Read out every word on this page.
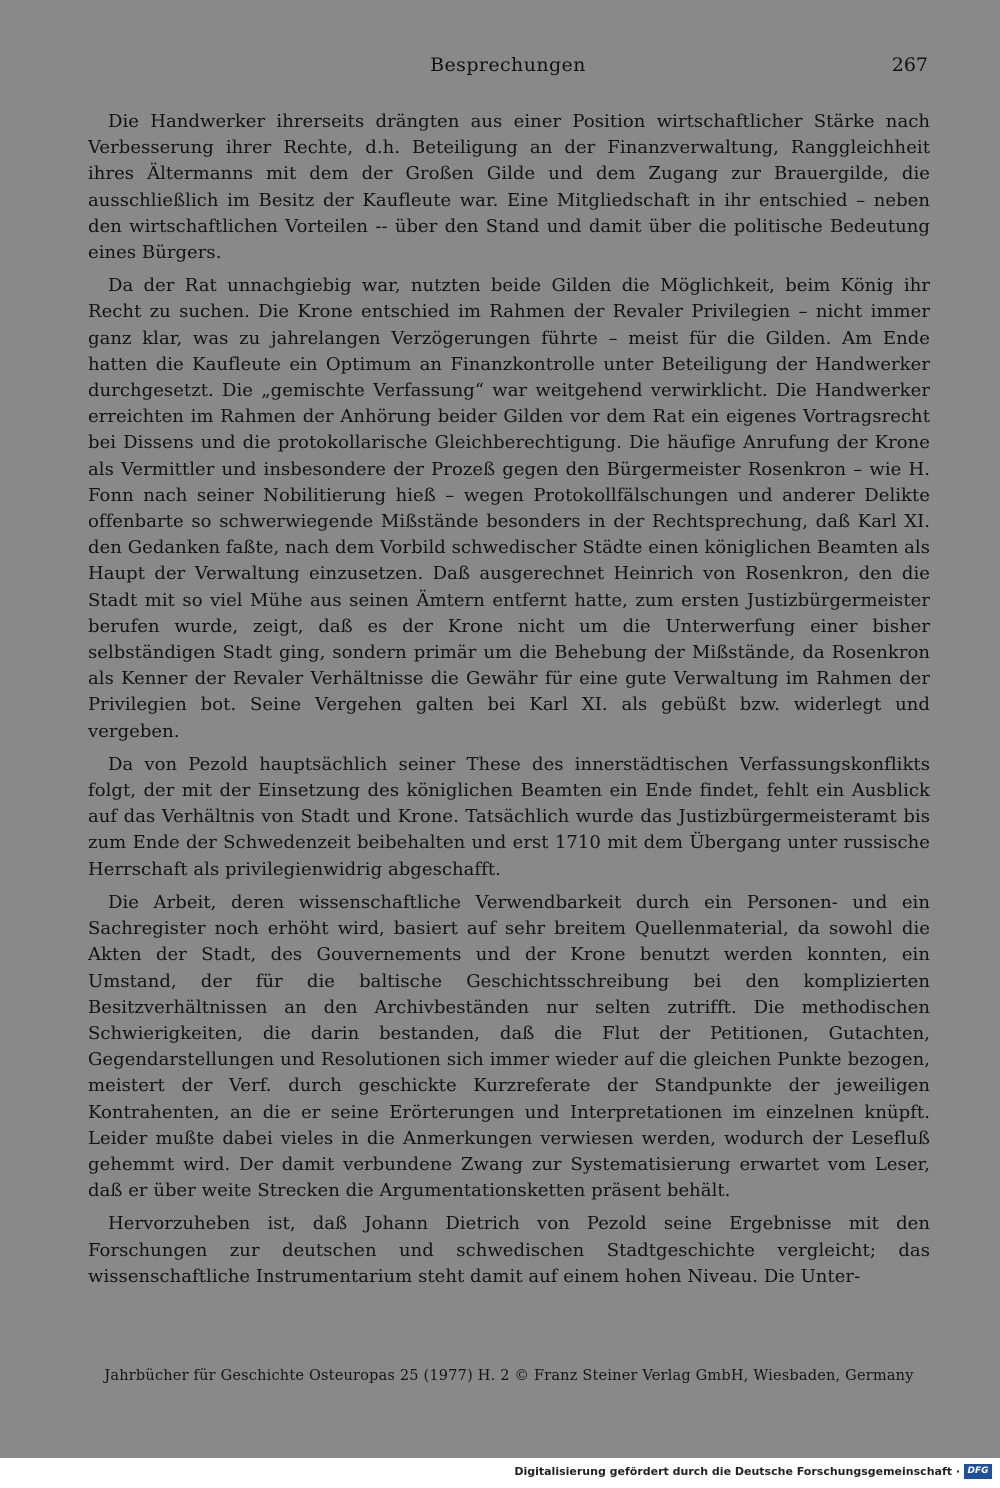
Besprechungen	267

Die Handwerker ihrerseits drängten aus einer Position wirtschaftlicher Stärke nach Verbesserung ihrer Rechte, d.h. Beteiligung an der Finanzverwaltung, Ranggleichheit ihres Ältermanns mit dem der Großen Gilde und dem Zugang zur Brauergilde, die ausschließlich im Besitz der Kaufleute war. Eine Mitgliedschaft in ihr entschied – neben den wirtschaftlichen Vorteilen -- über den Stand und damit über die politische Bedeutung eines Bürgers.

Da der Rat unnachgiebig war, nutzten beide Gilden die Möglichkeit, beim König ihr Recht zu suchen. Die Krone entschied im Rahmen der Revaler Privilegien – nicht immer ganz klar, was zu jahrelangen Verzögerungen führte – meist für die Gilden. Am Ende hatten die Kaufleute ein Optimum an Finanzkontrolle unter Beteiligung der Handwerker durchgesetzt. Die „gemischte Verfassung“ war weitgehend verwirklicht. Die Handwerker erreichten im Rahmen der Anhörung beider Gilden vor dem Rat ein eigenes Vortragsrecht bei Dissens und die protokollarische Gleichberechtigung. Die häufige Anrufung der Krone als Vermittler und insbesondere der Prozeß gegen den Bürgermeister Rosenkron – wie H. Fonn nach seiner Nobilitierung hieß – wegen Protokollfälschungen und anderer Delikte offenbarte so schwerwiegende Mißstände besonders in der Rechtsprechung, daß Karl XI. den Gedanken faßte, nach dem Vorbild schwedischer Städte einen königlichen Beamten als Haupt der Verwaltung einzusetzen. Daß ausgerechnet Heinrich von Rosenkron, den die Stadt mit so viel Mühe aus seinen Ämtern entfernt hatte, zum ersten Justizbürgermeister berufen wurde, zeigt, daß es der Krone nicht um die Unterwerfung einer bisher selbständigen Stadt ging, sondern primär um die Behebung der Mißstände, da Rosenkron als Kenner der Revaler Verhältnisse die Gewähr für eine gute Verwaltung im Rahmen der Privilegien bot. Seine Vergehen galten bei Karl XI. als gebüßt bzw. widerlegt und vergeben.

Da von Pezold hauptsächlich seiner These des innerstädtischen Verfassungskonflikts folgt, der mit der Einsetzung des königlichen Beamten ein Ende findet, fehlt ein Ausblick auf das Verhältnis von Stadt und Krone. Tatsächlich wurde das Justizbürgermeisteramt bis zum Ende der Schwedenzeit beibehalten und erst 1710 mit dem Übergang unter russische Herrschaft als privilegienwidrig abgeschafft.

Die Arbeit, deren wissenschaftliche Verwendbarkeit durch ein Personen- und ein Sachregister noch erhöht wird, basiert auf sehr breitem Quellenmaterial, da sowohl die Akten der Stadt, des Gouvernements und der Krone benutzt werden konnten, ein Umstand, der für die baltische Geschichtsschreibung bei den komplizierten Besitzverhältnissen an den Archivbeständen nur selten zutrifft. Die methodischen Schwierigkeiten, die darin bestanden, daß die Flut der Petitionen, Gutachten, Gegendarstellungen und Resolutionen sich immer wieder auf die gleichen Punkte bezogen, meistert der Verf. durch geschickte Kurzreferate der Standpunkte der jeweiligen Kontrahenten, an die er seine Erörterungen und Interpretationen im einzelnen knüpft. Leider mußte dabei vieles in die Anmerkungen verwiesen werden, wodurch der Lesefluß gehemmt wird. Der damit verbundene Zwang zur Systematisierung erwartet vom Leser, daß er über weite Strecken die Argumentationsketten präsent behält.

Hervorzuheben ist, daß Johann Dietrich von Pezold seine Ergebnisse mit den Forschungen zur deutschen und schwedischen Stadtgeschichte vergleicht; das wissenschaftliche Instrumentarium steht damit auf einem hohen Niveau. Die Unter-

Jahrbücher für Geschichte Osteuropas 25 (1977) H. 2 © Franz Steiner Verlag GmbH, Wiesbaden, Germany
Digitalisierung gefördert durch die Deutsche Forschungsgemeinschaft · DFG
